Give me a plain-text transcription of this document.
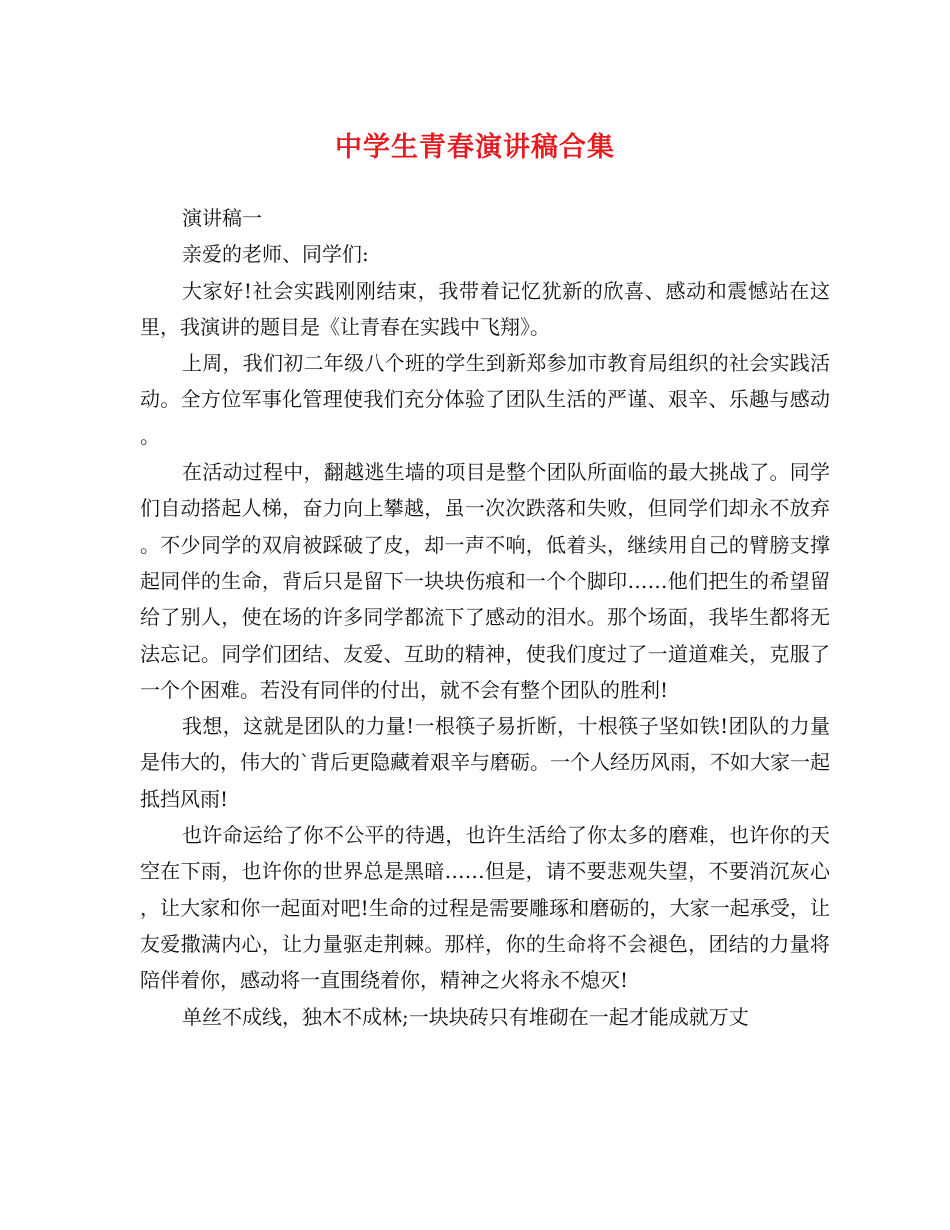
中学生青春演讲稿合集

演讲稿一

亲爱的老师、同学们:

大家好!社会实践刚刚结束，我带着记忆犹新的欣喜、感动和震憾站在这里，我演讲的题目是《让青春在实践中飞翔》。

上周，我们初二年级八个班的学生到新郑参加市教育局组织的社会实践活动。全方位军事化管理使我们充分体验了团队生活的严谨、艰辛、乐趣与感动。

在活动过程中，翻越逃生墙的项目是整个团队所面临的最大挑战了。同学们自动搭起人梯，奋力向上攀越，虽一次次跌落和失败，但同学们却永不放弃。不少同学的双肩被踩破了皮，却一声不响，低着头，继续用自己的臂膀支撑起同伴的生命，背后只是留下一块块伤痕和一个个脚印……他们把生的希望留给了别人，使在场的许多同学都流下了感动的泪水。那个场面，我毕生都将无法忘记。同学们团结、友爱、互助的精神，使我们度过了一道道难关，克服了一个个困难。若没有同伴的付出，就不会有整个团队的胜利!

我想，这就是团队的力量!一根筷子易折断，十根筷子坚如铁!团队的力量是伟大的，伟大的`背后更隐藏着艰辛与磨砺。一个人经历风雨，不如大家一起抵挡风雨!

也许命运给了你不公平的待遇，也许生活给了你太多的磨难，也许你的天空在下雨，也许你的世界总是黑暗……但是，请不要悲观失望，不要消沉灰心，让大家和你一起面对吧!生命的过程是需要雕琢和磨砺的，大家一起承受，让友爱撒满内心，让力量驱走荆棘。那样，你的生命将不会褪色，团结的力量将陪伴着你，感动将一直围绕着你，精神之火将永不熄灭!

单丝不成线，独木不成林;一块块砖只有堆砌在一起才能成就万丈
